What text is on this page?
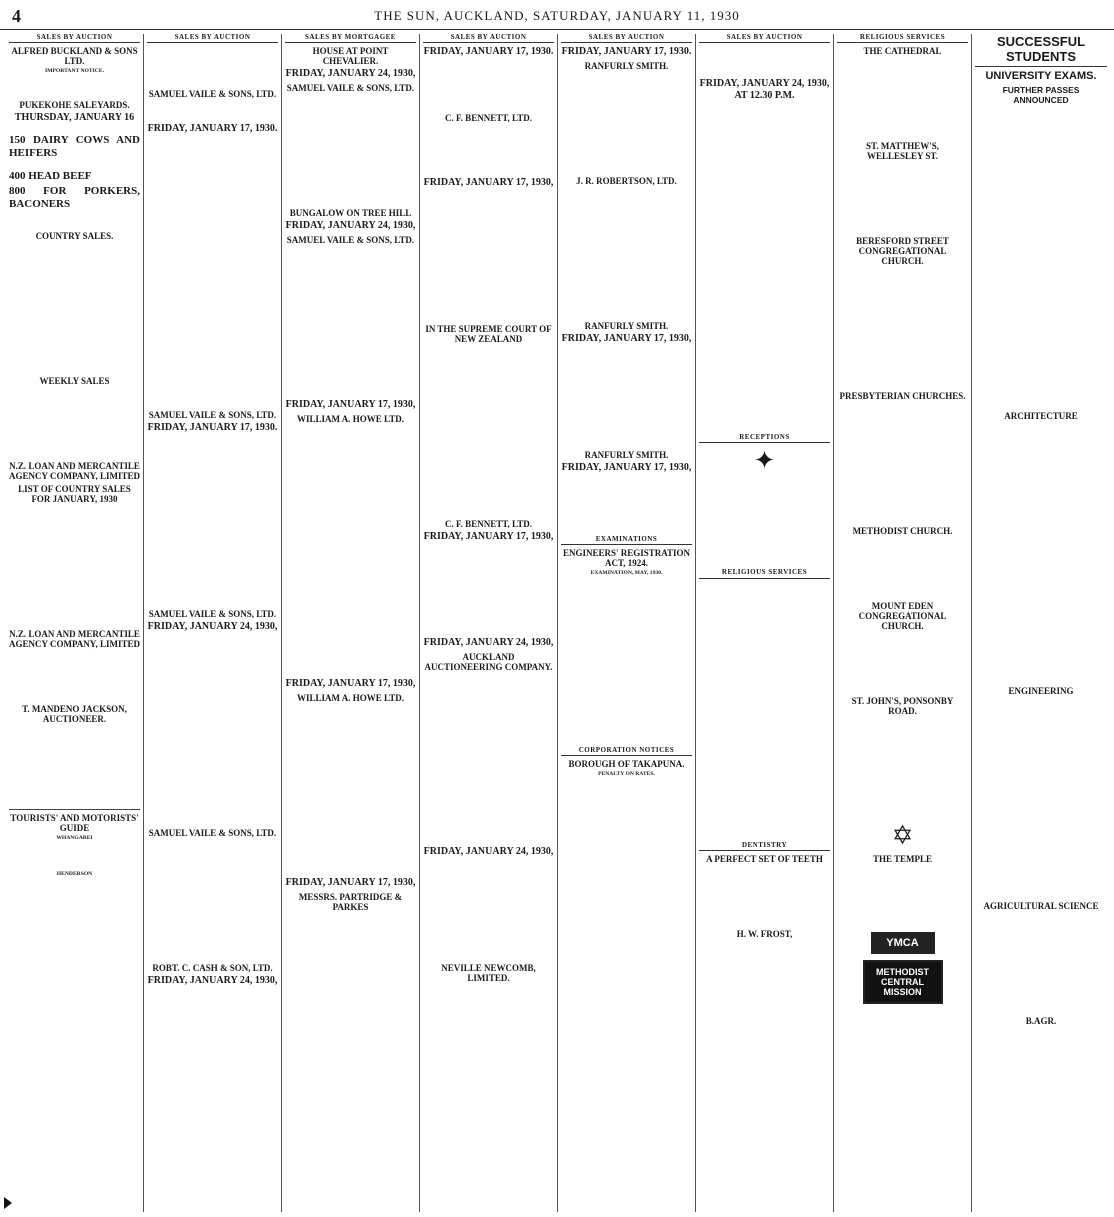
4	THE SUN, AUCKLAND, SATURDAY, JANUARY 11, 1930
SALES BY AUCTION
ALFRED BUCKLAND & SONS LTD.
IMPORTANT NOTICE.

PUKEKOHE SALEYARDS.
THURSDAY, JANUARY 16

150 DAIRY COWS AND HEIFERS

400 HEAD BEEF
800 FOR PORKERS, BACONERS

COUNTRY SALES.
WEEKLY SALES
N.Z. LOAN AND MERCANTILE AGENCY COMPANY, LIMITED
LIST OF COUNTRY SALES FOR JANUARY, 1930
N.Z. LOAN AND MERCANTILE AGENCY COMPANY, LIMITED
T. MANDENO JACKSON, AUCTIONEER.
TOURISTS' AND MOTORISTS' GUIDE
WHANGAREI
HENDERSON
SALES BY AUCTION
SAMUEL VAILE & SONS, LTD.
FRIDAY, JANUARY 17, 1930.
SAMUEL VAILE & SONS, LTD.
FRIDAY, JANUARY 17, 1930.
SAMUEL VAILE & SONS, LTD.
FRIDAY, JANUARY 24, 1930,
SAMUEL VAILE & SONS, LTD.
ROBT. C. CASH & SON, LTD.
FRIDAY, JANUARY 24, 1930,
SALES BY MORTGAGEE
HOUSE AT POINT CHEVALIER.
FRIDAY, JANUARY 24, 1930,
SAMUEL VAILE & SONS, LTD.
BUNGALOW ON TREE HILL
FRIDAY, JANUARY 24, 1930,
SAMUEL VAILE & SONS, LTD.
FRIDAY, JANUARY 17, 1930,
WILLIAM A. HOWE LTD.
FRIDAY, JANUARY 17, 1930,
WILLIAM A. HOWE LTD.
FRIDAY, JANUARY 17, 1930,
MESSRS. PARTRIDGE & PARKES
SALES BY AUCTION
FRIDAY, JANUARY 17, 1930.
C. F. BENNETT, LTD.
FRIDAY, JANUARY 17, 1930,
IN THE SUPREME COURT OF NEW ZEALAND
C. F. BENNETT, LTD.
FRIDAY, JANUARY 17, 1930,
FRIDAY, JANUARY 24, 1930,
AUCKLAND AUCTIONEERING COMPANY.
FRIDAY, JANUARY 24, 1930,
NEVILLE NEWCOMB, LIMITED.
SALES BY AUCTION
FRIDAY, JANUARY 17, 1930.
RANFURLY SMITH.
J. R. ROBERTSON, LTD.
RANFURLY SMITH.
FRIDAY, JANUARY 17, 1930,
RANFURLY SMITH.
FRIDAY, JANUARY 17, 1930,
EXAMINATIONS
ENGINEERS' REGISTRATION ACT, 1924.
EXAMINATION, MAY, 1930.
CORPORATION NOTICES
BOROUGH OF TAKAPUNA.
PENALTY ON RATES.
SALES BY AUCTION
FRIDAY, JANUARY 24, 1930, AT 12.30 P.M.
RECEPTIONS
✦
RELIGIOUS SERVICES
DENTISTRY
A PERFECT SET OF TEETH
H. W. FROST,
RELIGIOUS SERVICES
THE CATHEDRAL
ST. MATTHEW'S, WELLESLEY ST.
BERESFORD STREET CONGREGATIONAL CHURCH.
PRESBYTERIAN CHURCHES.
METHODIST CHURCH.
MOUNT EDEN CONGREGATIONAL CHURCH.
ST. JOHN'S, PONSONBY ROAD.
✡
THE TEMPLE
YMCA
METHODIST CENTRAL MISSION
SUCCESSFUL STUDENTS
UNIVERSITY EXAMS.
FURTHER PASSES ANNOUNCED
ARCHITECTURE
ENGINEERING
AGRICULTURAL SCIENCE
B.AGR.
